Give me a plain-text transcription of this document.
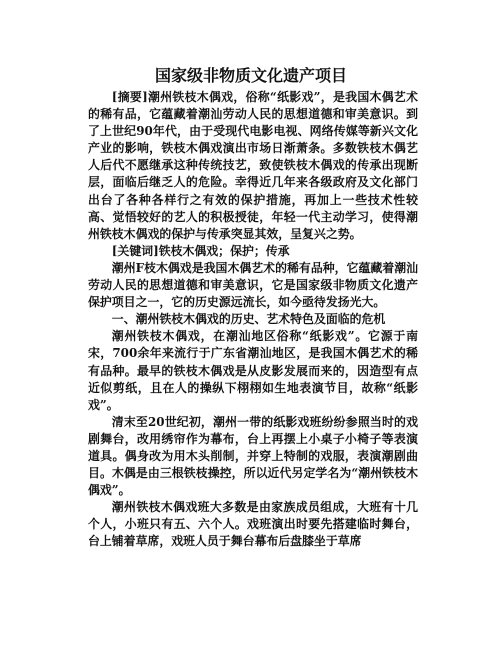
国家级非物质文化遗产项目

[摘要]潮州铁枝木偶戏，俗称“纸影戏”，是我国木偶艺术的稀有品，它蕴藏着潮汕劳动人民的思想道德和审美意识。到了上世纪90年代，由于受现代电影电视、网络传媒等新兴文化产业的影响，铁枝木偶戏演出市场日渐萧条。多数铁枝木偶艺人后代不愿继承这种传统技艺，致使铁枝木偶戏的传承出现断层，面临后继乏人的危险。幸得近几年来各级政府及文化部门出台了各种各样行之有效的保护措施，再加上一些技术性较高、觉悟较好的艺人的积极授徒，年轻一代主动学习，使得潮州铁枝木偶戏的保护与传承突显其效，呈复兴之势。

[关键词]铁枝木偶戏；保护；传承

潮州F枝木偶戏是我国木偶艺术的稀有品种，它蕴藏着潮汕劳动人民的思想道德和审美意识，它是国家级非物质文化遗产保护项目之一，它的历史源远流长，如今亟待发扬光大。

一、潮州铁枝木偶戏的历史、艺术特色及面临的危机

潮州铁枝木偶戏，在潮汕地区俗称“纸影戏”。它源于南宋，700余年来流行于广东省潮汕地区，是我国木偶艺术的稀有品种。最早的铁枝木偶戏是从皮影发展而来的，因造型有点近似剪纸，且在人的操纵下栩栩如生地表演节目，故称“纸影戏”。

清末至20世纪初，潮州一带的纸影戏班纷纷参照当时的戏剧舞台，改用绣帘作为幕布，台上再摆上小桌子小椅子等表演道具。偶身改为用木头削制，并穿上特制的戏服，表演潮剧曲目。木偶是由三根铁枝操控，所以近代另定学名为“潮州铁枝木偶戏”。

潮州铁枝木偶戏班大多数是由家族成员组成，大班有十几个人，小班只有五、六个人。戏班演出时要先搭建临时舞台，台上铺着草席，戏班人员于舞台幕布后盘膝坐于草席
